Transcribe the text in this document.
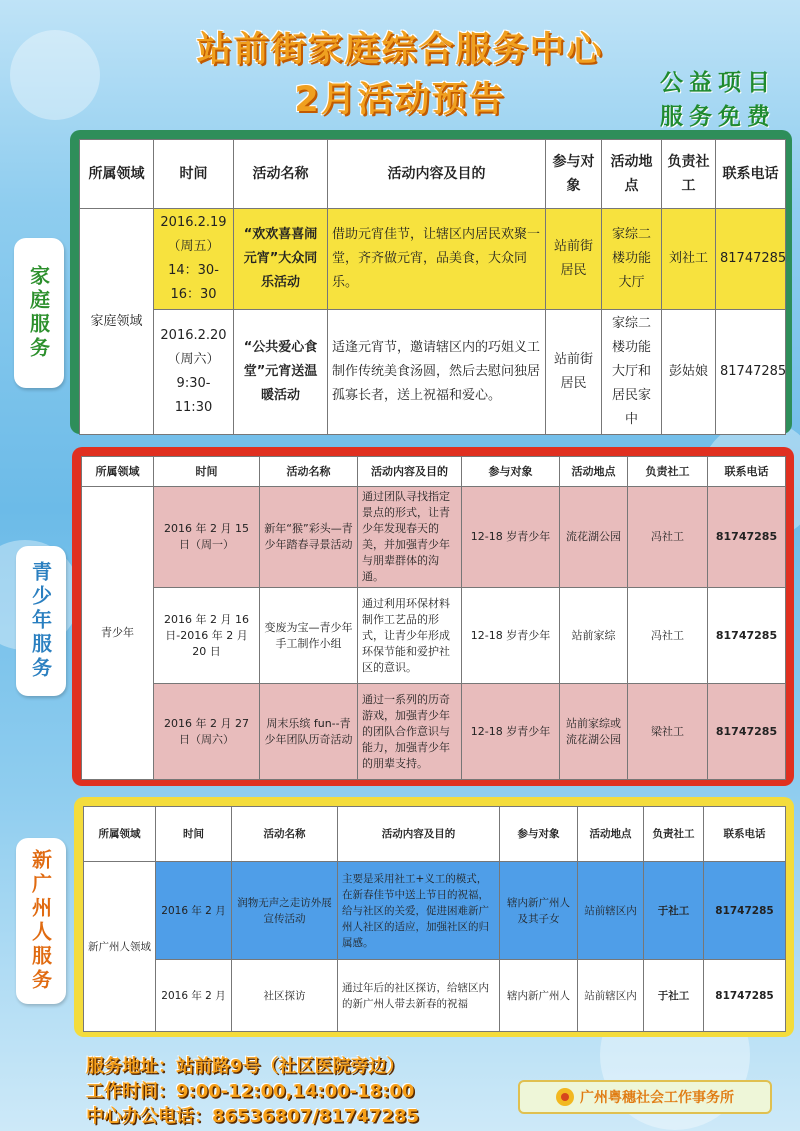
站前街家庭综合服务中心
2月活动预告	公益项目
服务免费
家庭服务
所属领域	时间	活动名称	活动内容及目的	参与对象	活动地点	负责社工	联系电话
家庭领域	2016.2.19（周五）14：30-16：30	“欢欢喜喜闹元宵”大众同乐活动	借助元宵佳节，让辖区内居民欢聚一堂，齐齐做元宵，品美食，大众同乐。	站前街居民	家综二楼功能大厅	刘社工	81747285
	2016.2.20（周六）9:30-11:30	“公共爱心食堂”元宵送温暖活动	适逢元宵节，邀请辖区内的巧姐义工制作传统美食汤圆，然后去慰问独居孤寡长者，送上祝福和爱心。	站前街居民	家综二楼功能大厅和居民家中	彭姑娘	81747285
青少年服务
所属领域	时间	活动名称	活动内容及目的	参与对象	活动地点	负责社工	联系电话
青少年	2016 年 2 月 15 日（周一）	新年“猴”彩头—青少年踏春寻景活动	通过团队寻找指定景点的形式，让青少年发现春天的美，并加强青少年与朋辈群体的沟通。	12-18 岁青少年	流花湖公园	冯社工	81747285
	2016 年 2 月 16 日-2016 年 2 月 20 日	变废为宝—青少年手工制作小组	通过利用环保材料制作工艺品的形式，让青少年形成环保节能和爱护社区的意识。	12-18 岁青少年	站前家综	冯社工	81747285
	2016 年 2 月 27 日（周六）	周末乐缤 fun--青少年团队历奇活动	通过一系列的历奇游戏，加强青少年的团队合作意识与能力，加强青少年的朋辈支持。	12-18 岁青少年	站前家综或流花湖公园	梁社工	81747285
新广州人服务
所属领域	时间	活动名称	活动内容及目的	参与对象	活动地点	负责社工	联系电话
新广州人领域	2016 年 2 月	润物无声之走访外展宣传活动	主要是采用社工+义工的模式，在新春佳节中送上节日的祝福，给与社区的关爱，促进困难新广州人社区的适应，加强社区的归属感。	辖内新广州人及其子女	站前辖区内	于社工	81747285
	2016 年 2 月	社区探访	通过年后的社区探访，给辖区内的新广州人带去新春的祝福	辖内新广州人	站前辖区内	于社工	81747285
服务地址：站前路9号（社区医院旁边）
工作时间：9:00-12:00,14:00-18:00
中心办公电话：86536807/81747285
广州粤穗社会工作事务所
